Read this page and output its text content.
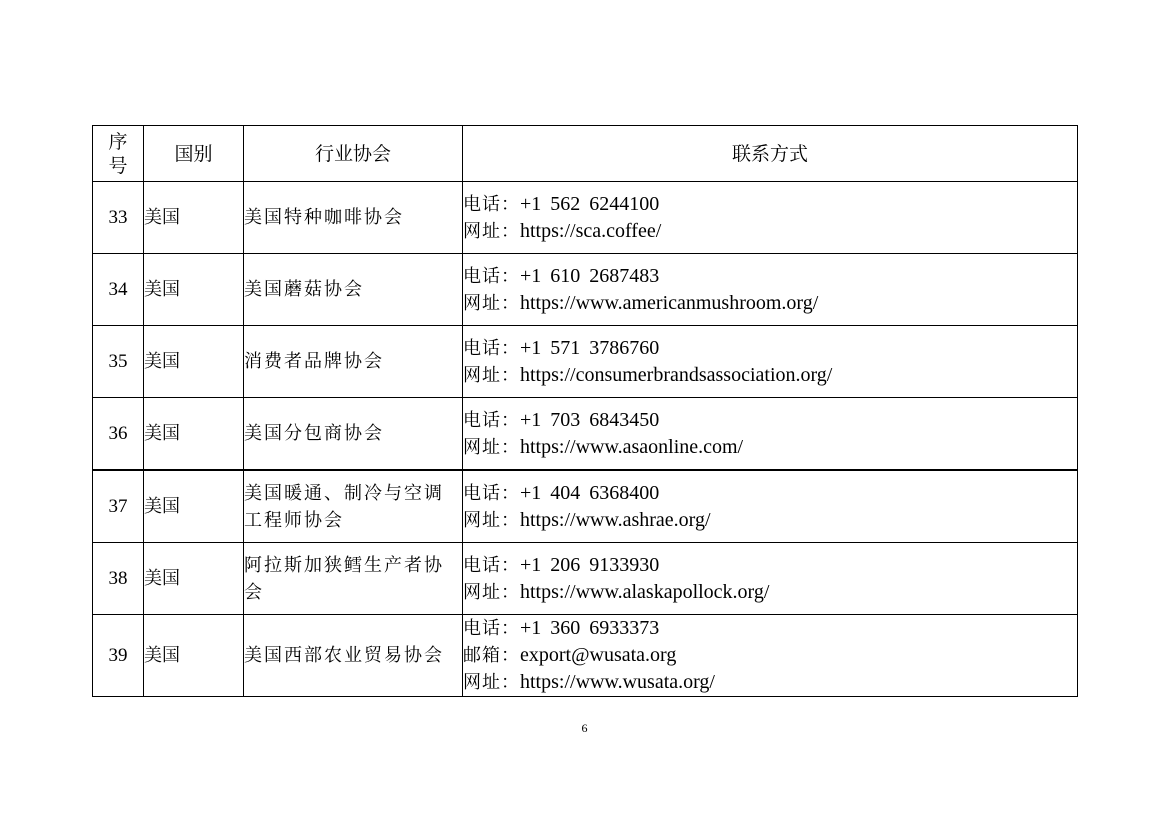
序
号	国别	行业协会	联系方式
33	美国	美国特种咖啡协会	电话：+1 562 6244100
网址：https://sca.coffee/

34	美国	美国蘑菇协会	电话：+1 610 2687483
网址：https://www.americanmushroom.org/

35	美国	消费者品牌协会	电话：+1 571 3786760
网址：https://consumerbrandsassociation.org/

36	美国	美国分包商协会	电话：+1 703 6843450
网址：https://www.asaonline.com/

37	美国	美国暖通、制冷与空调工程师协会	电话：+1 404 6368400
网址：https://www.ashrae.org/

38	美国	阿拉斯加狭鳕生产者协会	电话：+1 206 9133930
网址：https://www.alaskapollock.org/

39	美国	美国西部农业贸易协会	电话：+1 360 6933373
邮箱：export@wusata.org
网址：https://www.wusata.org/
6
